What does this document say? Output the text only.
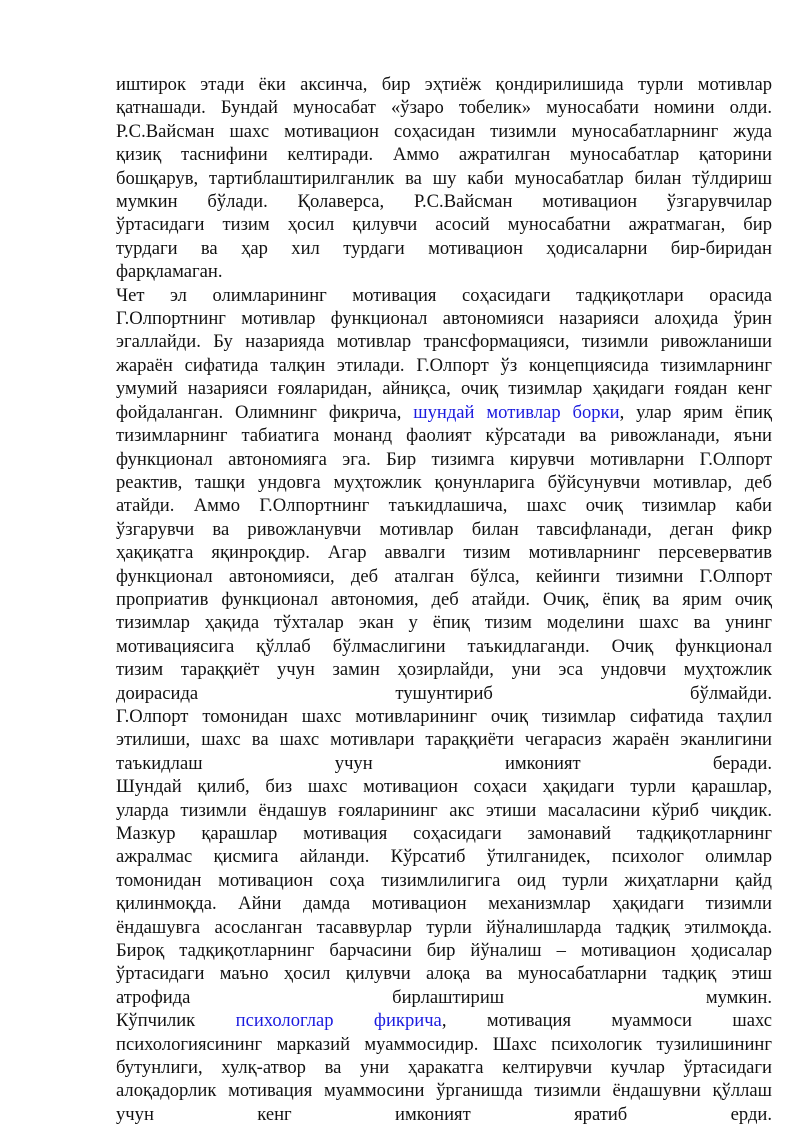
иштирок этади ёки аксинча, бир эҳтиёж қондирилишида турли мотивлар
қатнашади. Бундай муносабат «ўзаро тобелик» муносабати номини олди.
Р.С.Вайсман шахс мотивацион соҳасидан тизимли муносабатларнинг жуда
қизиқ таснифини келтиради. Аммо ажратилган муносабатлар қаторини
бошқарув, тартиблаштирилганлик ва шу каби муносабатлар билан тўлдириш
мумкин бўлади. Қолаверса, Р.С.Вайсман мотивацион ўзгарувчилар
ўртасидаги тизим ҳосил қилувчи асосий муносабатни ажратмаган, бир
турдаги ва ҳар хил турдаги мотивацион ҳодисаларни бир-биридан
фарқламаган.
Чет эл олимларининг мотивация соҳасидаги тадқиқотлари орасида
Г.Олпортнинг мотивлар функционал автономияси назарияси алоҳида ўрин
эгаллайди. Бу назарияда мотивлар трансформацияси, тизимли ривожланиши
жараён сифатида талқин этилади. Г.Олпорт ўз концепциясида тизимларнинг
умумий назарияси ғояларидан, айниқса, очиқ тизимлар ҳақидаги ғоядан кенг
фойдаланган. Олимнинг фикрича, шундай мотивлар борки, улар ярим ёпиқ
тизимларнинг табиатига монанд фаолият кўрсатади ва ривожланади, яъни
функционал автономияга эга. Бир тизимга кирувчи мотивларни Г.Олпорт
реактив, ташқи ундовга муҳтожлик қонунларига бўйсунувчи мотивлар, деб
атайди. Аммо Г.Олпортнинг таъкидлашича, шахс очиқ тизимлар каби
ўзгарувчи ва ривожланувчи мотивлар билан тавсифланади, деган фикр
ҳақиқатга яқинроқдир. Агар аввалги тизим мотивларнинг персеверватив
функционал автономияси, деб аталган бўлса, кейинги тизимни Г.Олпорт
проприатив функционал автономия, деб атайди. Очиқ, ёпиқ ва ярим очиқ
тизимлар ҳақида тўхталар экан у ёпиқ тизим моделини шахс ва унинг
мотивациясига қўллаб бўлмаслигини таъкидлаганди. Очиқ функционал
тизим тараққиёт учун замин ҳозирлайди, уни эса ундовчи муҳтожлик
доирасида тушунтириб бўлмайди.
Г.Олпорт томонидан шахс мотивларининг очиқ тизимлар сифатида таҳлил
этилиши, шахс ва шахс мотивлари тараққиёти чегарасиз жараён эканлигини
таъкидлаш учун имконият беради.
Шундай қилиб, биз шахс мотивацион соҳаси ҳақидаги турли қарашлар,
уларда тизимли ёндашув ғояларининг акс этиши масаласини кўриб чиқдик.
Мазкур қарашлар мотивация соҳасидаги замонавий тадқиқотларнинг
ажралмас қисмига айланди. Кўрсатиб ўтилганидек, психолог олимлар
томонидан мотивацион соҳа тизимлилигига оид турли жиҳатларни қайд
қилинмоқда. Айни дамда мотивацион механизмлар ҳақидаги тизимли
ёндашувга асосланган тасаввурлар турли йўналишларда тадқиқ этилмоқда.
Бироқ тадқиқотларнинг барчасини бир йўналиш – мотивацион ҳодисалар
ўртасидаги маъно ҳосил қилувчи алоқа ва муносабатларни тадқиқ этиш
атрофида бирлаштириш мумкин.
Кўпчилик психологлар фикрича, мотивация муаммоси шахс
психологиясининг марказий муаммосидир. Шахс психологик тузилишининг
бутунлиги, хулқ-атвор ва уни ҳаракатга келтирувчи кучлар ўртасидаги
алоқадорлик мотивация муаммосини ўрганишда тизимли ёндашувни қўллаш
учун кенг имконият яратиб ерди.
